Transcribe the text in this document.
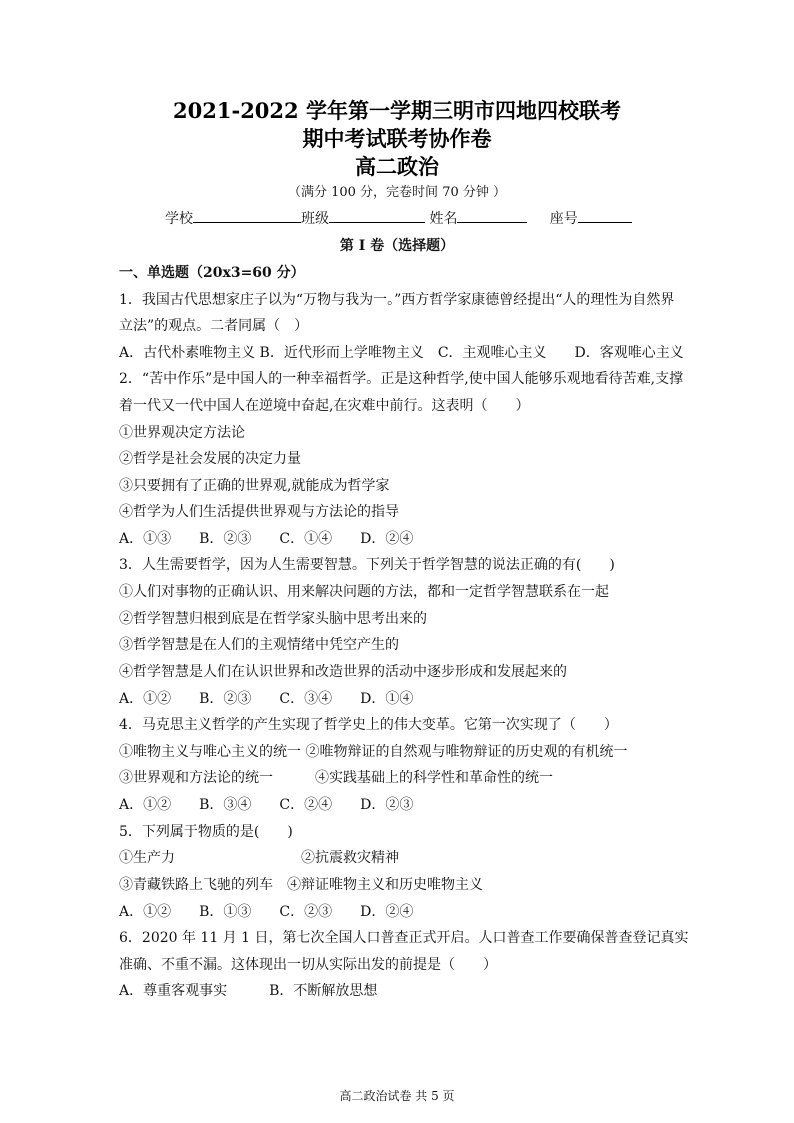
2021-2022 学年第一学期三明市四地四校联考
期中考试联考协作卷
高二政治
（满分 100 分，完卷时间 70 分钟 ）
学校	班级	姓名	座号
第 I 卷（选择题）
一、单选题（20x3=60 分）
1．我国古代思想家庄子以为“万物与我为一。”西方哲学家康德曾经提出“人的理性为自然界
立法”的观点。二者同属（　）
A．古代朴素唯物主义 B．近代形而上学唯物主义　C．主观唯心主义　　D．客观唯心主义
2．“苦中作乐”是中国人的一种幸福哲学。正是这种哲学,使中国人能够乐观地看待苦难,支撑
着一代又一代中国人在逆境中奋起,在灾难中前行。这表明（　　）
①世界观决定方法论
②哲学是社会发展的决定力量
③只要拥有了正确的世界观,就能成为哲学家
④哲学为人们生活提供世界观与方法论的指导
A．①③　　B．②③　　C．①④　　D．②④
3．人生需要哲学，因为人生需要智慧。下列关于哲学智慧的说法正确的有(　　)
①人们对事物的正确认识、用来解决问题的方法，都和一定哲学智慧联系在一起
②哲学智慧归根到底是在哲学家头脑中思考出来的
③哲学智慧是在人们的主观情绪中凭空产生的
④哲学智慧是人们在认识世界和改造世界的活动中逐步形成和发展起来的
A．①②　　B．②③　　C．③④　　D．①④
4．马克思主义哲学的产生实现了哲学史上的伟大变革。它第一次实现了（　　）
①唯物主义与唯心主义的统一 ②唯物辩证的自然观与唯物辩证的历史观的有机统一
③世界观和方法论的统一　　　④实践基础上的科学性和革命性的统一
A．①②　　B．③④　　C．②④　　D．②③
5．下列属于物质的是(　　)
①生产力　　　　　　　　　②抗震救灾精神
③青藏铁路上飞驰的列车　④辩证唯物主义和历史唯物主义
A．①②　　B．①③　　C．②③　　D．②④
6．2020 年 11 月 1 日，第七次全国人口普查正式开启。人口普查工作要确保普查登记真实
准确、不重不漏。这体现出一切从实际出发的前提是（　　）
A．尊重客观事实　　　B．不断解放思想
高二政治试卷 共 5 页
